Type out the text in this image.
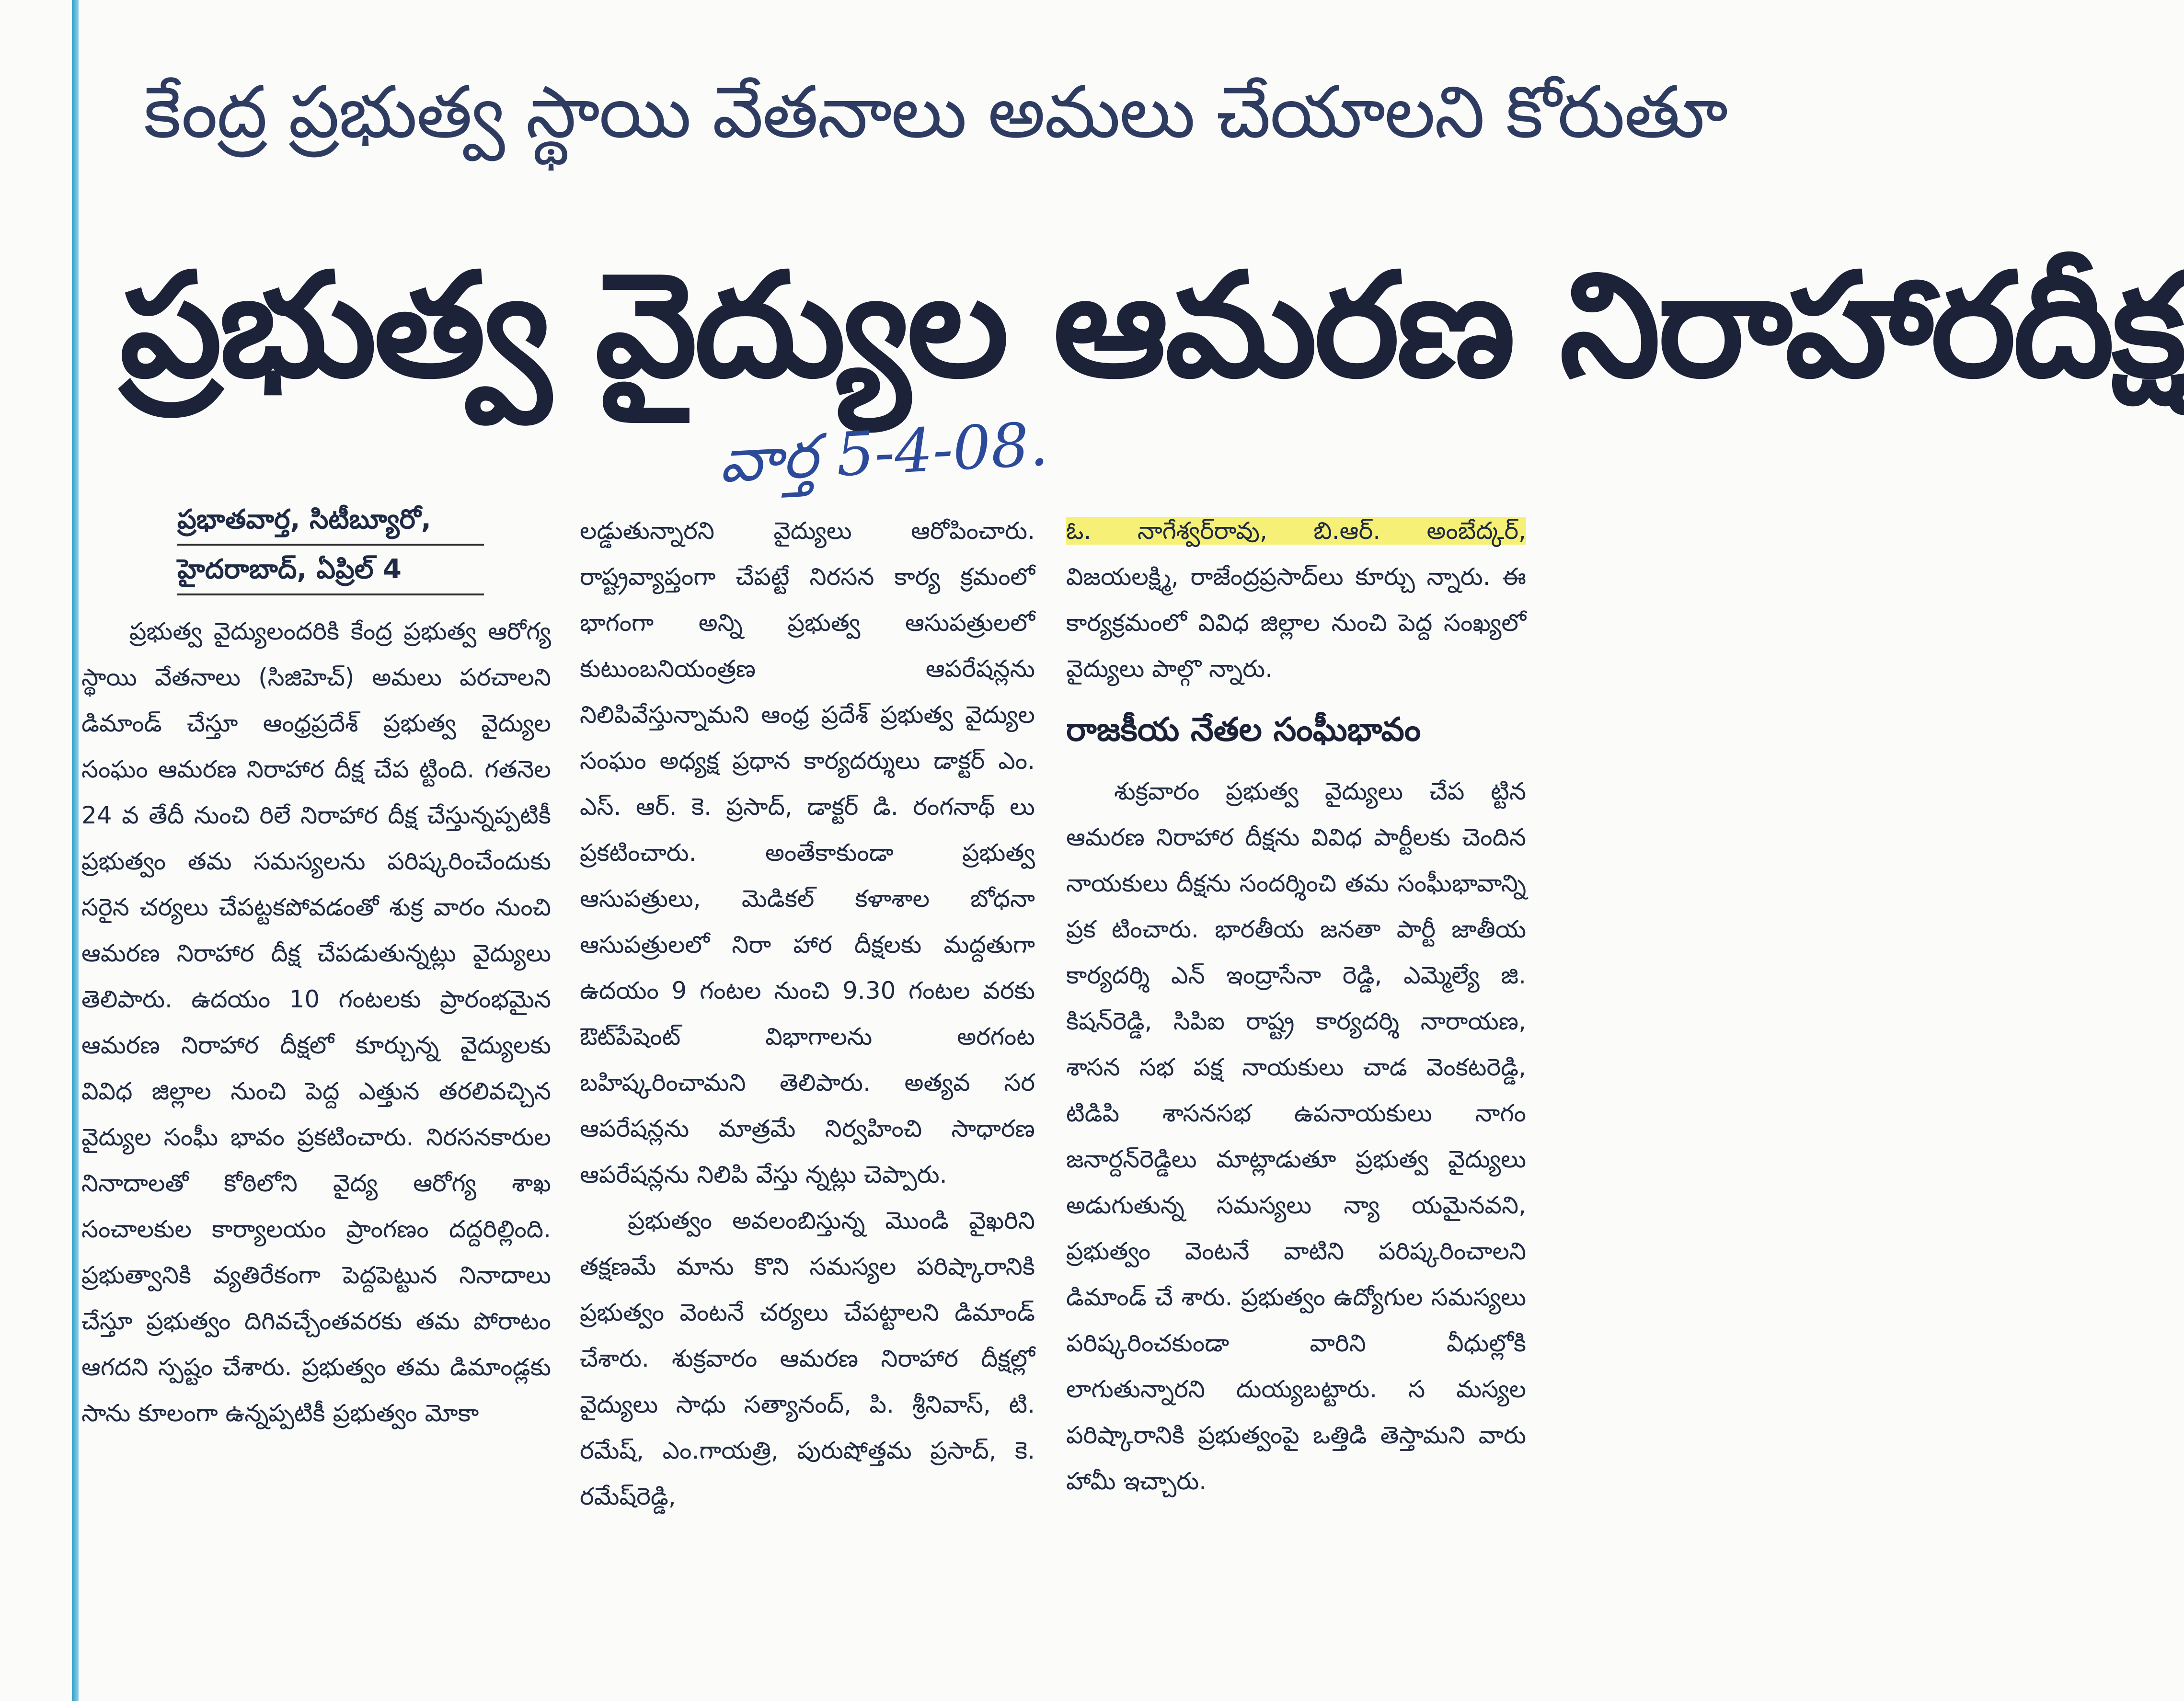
కేంద్ర ప్రభుత్వ స్థాయి వేతనాలు అమలు చేయాలని కోరుతూ
ప్రభుత్వ వైద్యుల ఆమరణ నిరాహారదీక్ష
వార్త 5-4-08.
ప్రభాతవార్త, సిటీబ్యూరో,
హైదరాబాద్, ఏప్రిల్ 4

ప్రభుత్వ వైద్యులందరికి కేంద్ర ప్రభుత్వ ఆరోగ్య స్థాయి వేతనాలు (సిజిహెచ్) అమలు పరచాలని డిమాండ్ చేస్తూ ఆంధ్రప్రదేశ్ ప్రభుత్వ వైద్యుల సంఘం ఆమరణ నిరాహార దీక్ష చేప ట్టింది. గతనెల 24 వ తేదీ నుంచి రిలే నిరాహార దీక్ష చేస్తున్నప్పటికీ ప్రభుత్వం తమ సమస్యలను పరిష్కరించేందుకు సరైన చర్యలు చేపట్టకపోవడంతో శుక్ర వారం నుంచి ఆమరణ నిరాహార దీక్ష చేపడుతున్నట్లు వైద్యులు తెలిపారు. ఉదయం 10 గంటలకు ప్రారంభమైన ఆమరణ నిరాహార దీక్షలో కూర్చున్న వైద్యులకు వివిధ జిల్లాల నుంచి పెద్ద ఎత్తున తరలివచ్చిన వైద్యుల సంఘీ భావం ప్రకటించారు. నిరసనకారుల నినాదాలతో కోఠిలోని వైద్య ఆరోగ్య శాఖ సంచాలకుల కార్యాలయం ప్రాంగణం దద్దరిల్లింది. ప్రభుత్వానికి వ్యతిరేకంగా పెద్దపెట్టున నినాదాలు చేస్తూ ప్రభుత్వం దిగివచ్చేంతవరకు తమ పోరాటం ఆగదని స్పష్టం చేశారు. ప్రభుత్వం తమ డిమాండ్లకు సాను కూలంగా ఉన్నప్పటికీ ప్రభుత్వం మోకా

లడ్డుతున్నారని వైద్యులు ఆరోపించారు. రాష్ట్రవ్యాప్తంగా చేపట్టే నిరసన కార్య క్రమంలో భాగంగా అన్ని ప్రభుత్వ ఆసుపత్రులలో కుటుంబనియంత్రణ ఆపరేషన్లను నిలిపివేస్తున్నామని ఆంధ్ర ప్రదేశ్ ప్రభుత్వ వైద్యుల సంఘం అధ్యక్ష ప్రధాన కార్యదర్శులు డాక్టర్ ఎం. ఎస్. ఆర్. కె. ప్రసాద్, డాక్టర్ డి. రంగనాథ్ లు ప్రకటించారు. అంతేకాకుండా ప్రభుత్వ ఆసుపత్రులు, మెడికల్ కళాశాల బోధనా ఆసుపత్రులలో నిరా హార దీక్షలకు మద్దతుగా ఉదయం 9 గంటల నుంచి 9.30 గంటల వరకు ఔట్‌పేషెంట్ విభాగాలను అరగంట బహిష్కరించామని తెలిపారు. అత్యవ సర ఆపరేషన్లను మాత్రమే నిర్వహించి సాధారణ ఆపరేషన్లను నిలిపి వేస్తు న్నట్లు చెప్పారు.

ప్రభుత్వం అవలంబిస్తున్న మొండి వైఖరిని తక్షణమే మాను కొని సమస్యల పరిష్కారానికి ప్రభుత్వం వెంటనే చర్యలు చేపట్టాలని డిమాండ్ చేశారు. శుక్రవారం ఆమరణ నిరాహార దీక్షల్లో వైద్యులు సాధు సత్యానంద్, పి. శ్రీనివాస్, టి. రమేష్, ఎం.గాయత్రి, పురుషోత్తమ ప్రసాద్, కె. రమేష్‌రెడ్డి,

ఓ. నాగేశ్వర్‌రావు, బి.ఆర్. అంబేద్కర్, విజయలక్ష్మి, రాజేంద్రప్రసాద్‌లు కూర్చు న్నారు. ఈ కార్యక్రమంలో వివిధ జిల్లాల నుంచి పెద్ద సంఖ్యలో వైద్యులు పాల్గొ న్నారు.

రాజకీయ నేతల సంఘీభావం

శుక్రవారం ప్రభుత్వ వైద్యులు చేప ట్టిన ఆమరణ నిరాహార దీక్షను వివిధ పార్టీలకు చెందిన నాయకులు దీక్షను సందర్శించి తమ సంఘీభావాన్ని ప్రక టించారు. భారతీయ జనతా పార్టీ జాతీయ కార్యదర్శి ఎన్ ఇంద్రాసేనా రెడ్డి, ఎమ్మెల్యే జి. కిషన్‌రెడ్డి, సిపిఐ రాష్ట్ర కార్యదర్శి నారాయణ, శాసన సభ పక్ష నాయకులు చాడ వెంకటరెడ్డి, టిడిపి శాసనసభ ఉపనాయకులు నాగం జనార్దన్‌రెడ్డిలు మాట్లాడుతూ ప్రభుత్వ వైద్యులు అడుగుతున్న సమస్యలు న్యా యమైనవని, ప్రభుత్వం వెంటనే వాటిని పరిష్కరించాలని డిమాండ్ చే శారు. ప్రభుత్వం ఉద్యోగుల సమస్యలు పరిష్కరించకుండా వారిని వీధుల్లోకి లాగుతున్నారని దుయ్యబట్టారు. స మస్యల పరిష్కారానికి ప్రభుత్వంపై ఒత్తిడి తెస్తామని వారు హామీ ఇచ్చారు.
